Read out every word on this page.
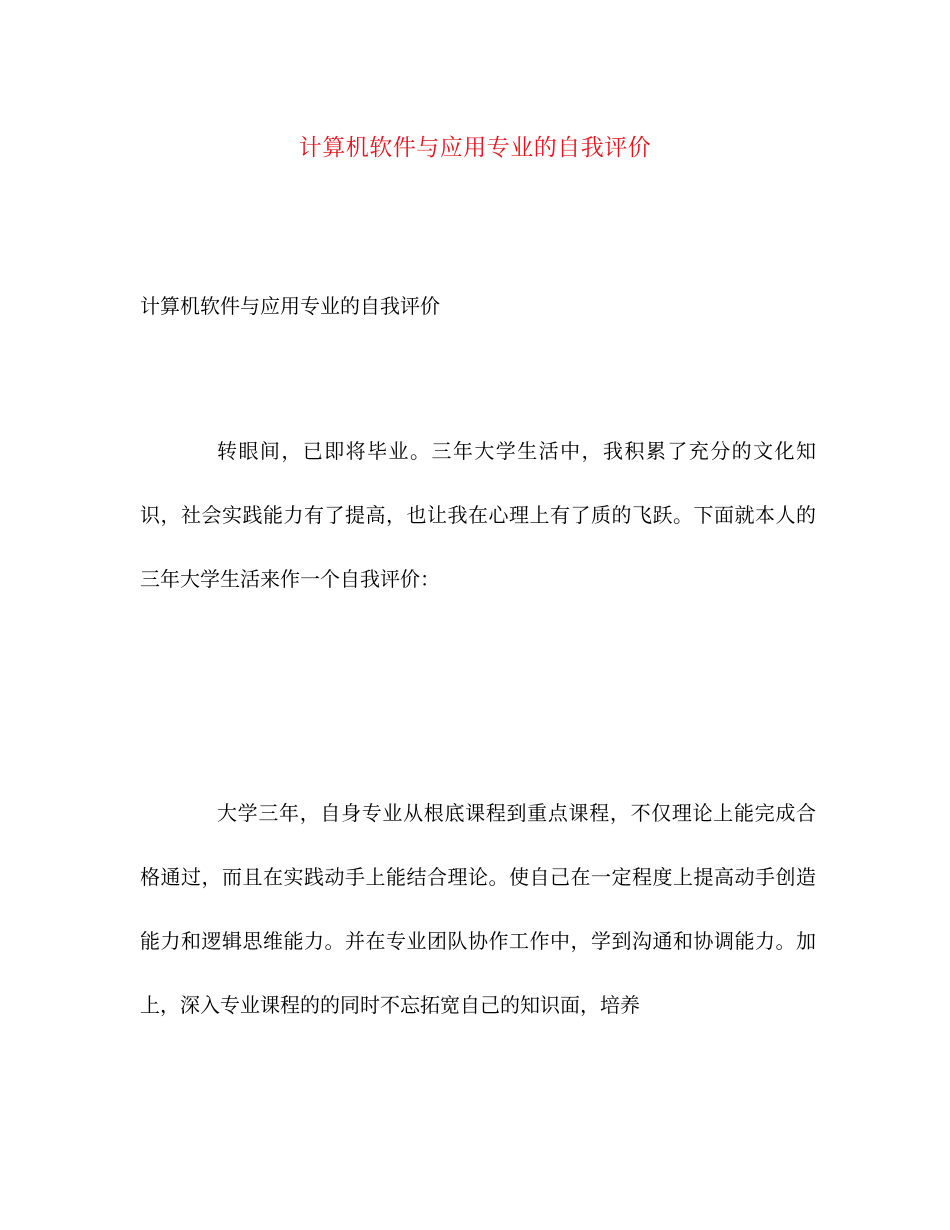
计算机软件与应用专业的自我评价
计算机软件与应用专业的自我评价

转眼间，已即将毕业。三年大学生活中，我积累了充分的文化知识，社会实践能力有了提高，也让我在心理上有了质的飞跃。下面就本人的三年大学生活来作一个自我评价：

大学三年，自身专业从根底课程到重点课程，不仅理论上能完成合格通过，而且在实践动手上能结合理论。使自己在一定程度上提高动手创造能力和逻辑思维能力。并在专业团队协作工作中，学到沟通和协调能力。加上，深入专业课程的的同时不忘拓宽自己的知识面，培养
